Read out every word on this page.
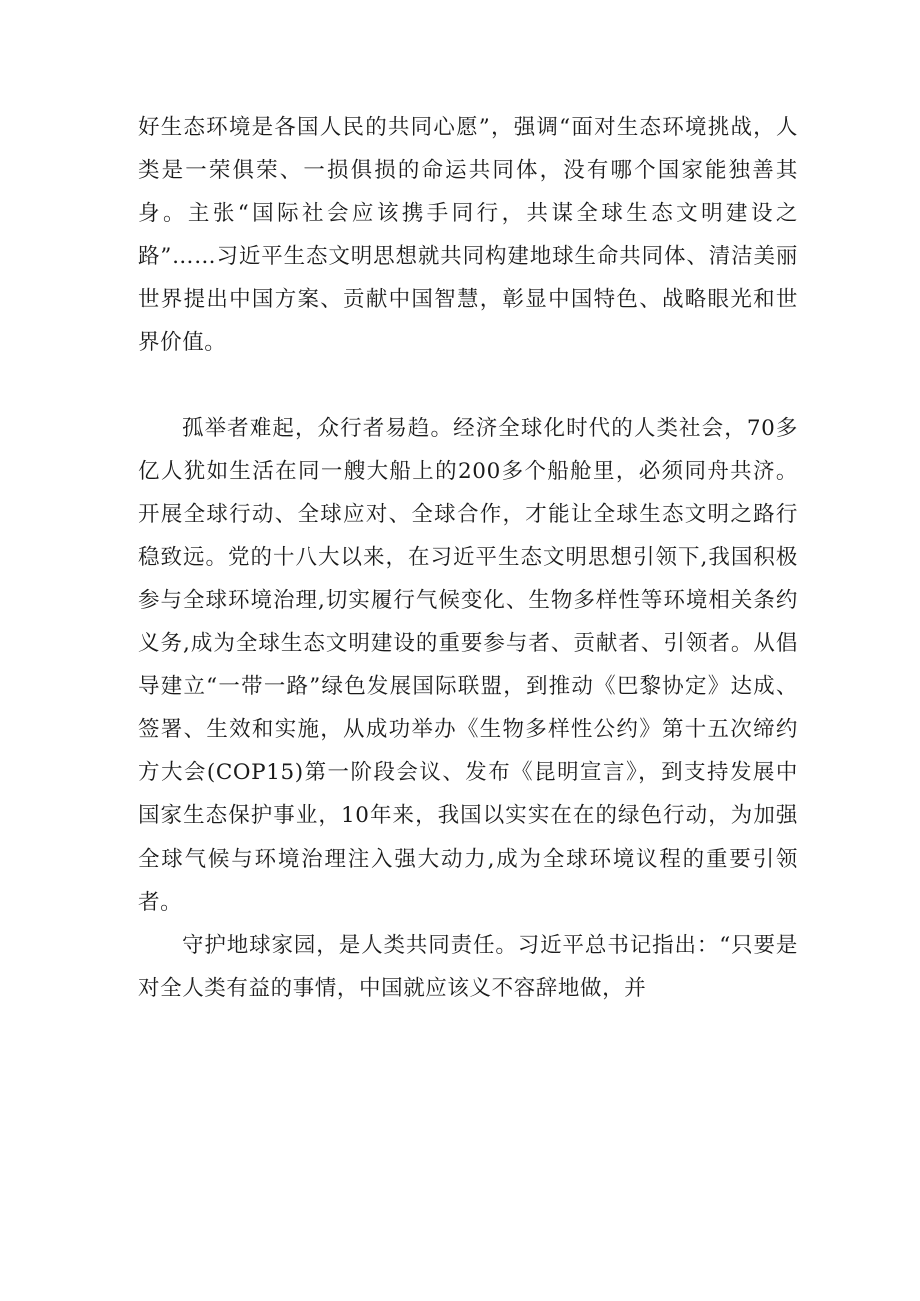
好生态环境是各国人民的共同心愿”，强调“面对生态环境挑战，人类是一荣俱荣、一损俱损的命运共同体，没有哪个国家能独善其身。主张“国际社会应该携手同行，共谋全球生态文明建设之路”……习近平生态文明思想就共同构建地球生命共同体、清洁美丽世界提出中国方案、贡献中国智慧，彰显中国特色、战略眼光和世界价值。

孤举者难起，众行者易趋。经济全球化时代的人类社会，70多亿人犹如生活在同一艘大船上的200多个船舱里，必须同舟共济。开展全球行动、全球应对、全球合作，才能让全球生态文明之路行稳致远。党的十八大以来，在习近平生态文明思想引领下,我国积极参与全球环境治理,切实履行气候变化、生物多样性等环境相关条约义务,成为全球生态文明建设的重要参与者、贡献者、引领者。从倡导建立“一带一路”绿色发展国际联盟，到推动《巴黎协定》达成、签署、生效和实施，从成功举办《生物多样性公约》第十五次缔约方大会(COP15)第一阶段会议、发布《昆明宣言》，到支持发展中国家生态保护事业，10年来，我国以实实在在的绿色行动，为加强全球气候与环境治理注入强大动力,成为全球环境议程的重要引领者。

守护地球家园，是人类共同责任。习近平总书记指出：“只要是对全人类有益的事情，中国就应该义不容辞地做，并
